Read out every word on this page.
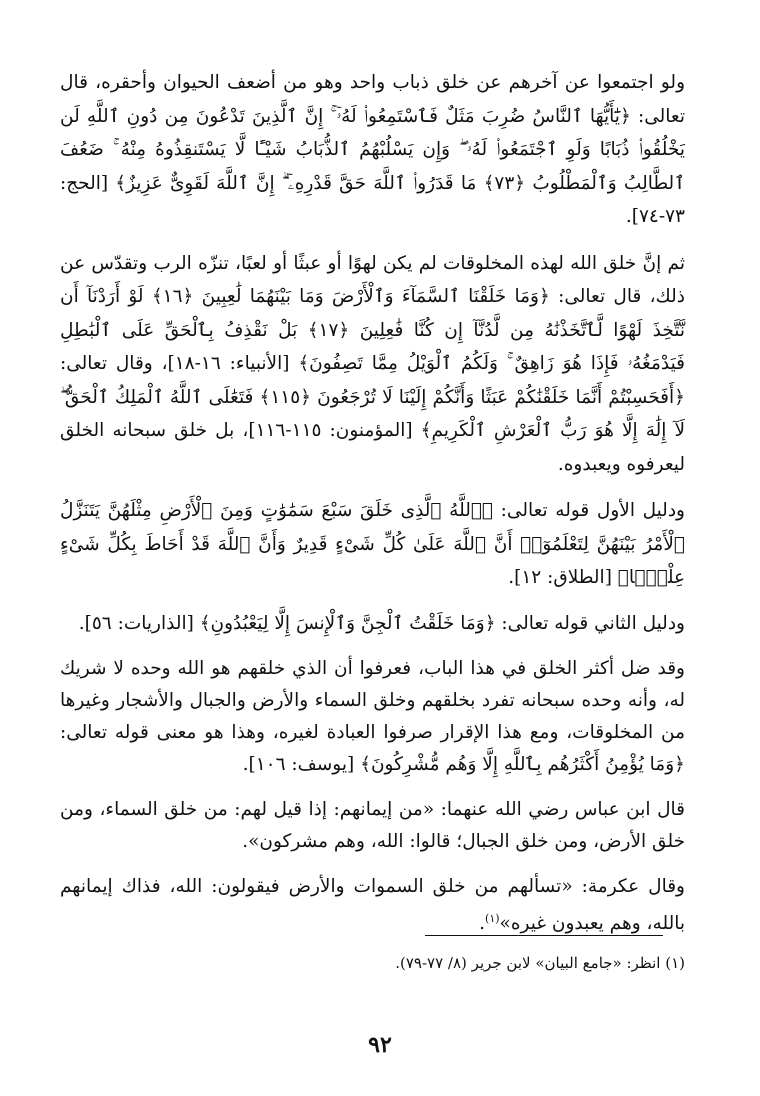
ولو اجتمعوا عن آخرهم عن خلق ذباب واحد وهو من أضعف الحيوان وأحقره، قال تعالى: ﴿يَٰٓأَيُّهَا ٱلنَّاسُ ضُرِبَ مَثَلٌ فَٱسْتَمِعُوا۟ لَهُۥٓ ۚ إِنَّ ٱلَّذِينَ تَدْعُونَ مِن دُونِ ٱللَّهِ لَن يَخْلُقُوا۟ ذُبَابًا وَلَوِ ٱجْتَمَعُوا۟ لَهُۥ ۖ وَإِن يَسْلُبْهُمُ ٱلذُّبَابُ شَيْـًٔا لَّا يَسْتَنقِذُوهُ مِنْهُ ۚ ضَعُفَ ٱلطَّالِبُ وَٱلْمَطْلُوبُ ﴿٧٣﴾ مَا قَدَرُوا۟ ٱللَّهَ حَقَّ قَدْرِهِۦٓ ۗ إِنَّ ٱللَّهَ لَقَوِىٌّ عَزِيزٌ﴾ [الحج: ٧٣-٧٤].

ثم إنَّ خلق الله لهذه المخلوقات لم يكن لهوًا أو عبثًا أو لعبًا، تنزّه الرب وتقدّس عن ذلك، قال تعالى: ﴿وَمَا خَلَقْنَا ٱلسَّمَآءَ وَٱلْأَرْضَ وَمَا بَيْنَهُمَا لَٰعِبِينَ ﴿١٦﴾ لَوْ أَرَدْنَآ أَن نَّتَّخِذَ لَهْوًا لَّٱتَّخَذْنَٰهُ مِن لَّدُنَّآ إِن كُنَّا فَٰعِلِينَ ﴿١٧﴾ بَلْ نَقْذِفُ بِٱلْحَقِّ عَلَى ٱلْبَٰطِلِ فَيَدْمَغُهُۥ فَإِذَا هُوَ زَاهِقٌ ۚ وَلَكُمُ ٱلْوَيْلُ مِمَّا تَصِفُونَ﴾ [الأنبياء: ١٦-١٨]، وقال تعالى: ﴿أَفَحَسِبْتُمْ أَنَّمَا خَلَقْنَٰكُمْ عَبَثًا وَأَنَّكُمْ إِلَيْنَا لَا تُرْجَعُونَ ﴿١١٥﴾ فَتَعَٰلَى ٱللَّهُ ٱلْمَلِكُ ٱلْحَقُّ ۖ لَآ إِلَٰهَ إِلَّا هُوَ رَبُّ ٱلْعَرْشِ ٱلْكَرِيمِ﴾ [المؤمنون: ١١٥-١١٦]، بل خلق سبحانه الخلق ليعرفوه ويعبدوه.

ودليل الأول قوله تعالى: ﴿ٱللَّهُ ٱلَّذِى خَلَقَ سَبْعَ سَمَٰوَٰتٍ وَمِنَ ٱلْأَرْضِ مِثْلَهُنَّ يَتَنَزَّلُ ٱلْأَمْرُ بَيْنَهُنَّ لِتَعْلَمُوٓا۟ أَنَّ ٱللَّهَ عَلَىٰ كُلِّ شَىْءٍ قَدِيرٌ وَأَنَّ ٱللَّهَ قَدْ أَحَاطَ بِكُلِّ شَىْءٍ عِلْمًۢا﴾ [الطلاق: ١٢].

ودليل الثاني قوله تعالى: ﴿وَمَا خَلَقْتُ ٱلْجِنَّ وَٱلْإِنسَ إِلَّا لِيَعْبُدُونِ﴾ [الذاريات: ٥٦].

وقد ضل أكثر الخلق في هذا الباب، فعرفوا أن الذي خلقهم هو الله وحده لا شريك له، وأنه وحده سبحانه تفرد بخلقهم وخلق السماء والأرض والجبال والأشجار وغيرها من المخلوقات، ومع هذا الإقرار صرفوا العبادة لغيره، وهذا هو معنى قوله تعالى: ﴿وَمَا يُؤْمِنُ أَكْثَرُهُم بِٱللَّهِ إِلَّا وَهُم مُّشْرِكُونَ﴾ [يوسف: ١٠٦].

قال ابن عباس رضي الله عنهما: «من إيمانهم: إذا قيل لهم: من خلق السماء، ومن خلق الأرض، ومن خلق الجبال؛ قالوا: الله، وهم مشركون».

وقال عكرمة: «تسألهم من خلق السموات والأرض فيقولون: الله، فذاك إيمانهم بالله، وهم يعبدون غيره»$^{(١)}$.

(١) انظر: «جامع البيان» لابن جرير (٨/ ٧٧-٧٩).
٩٢
